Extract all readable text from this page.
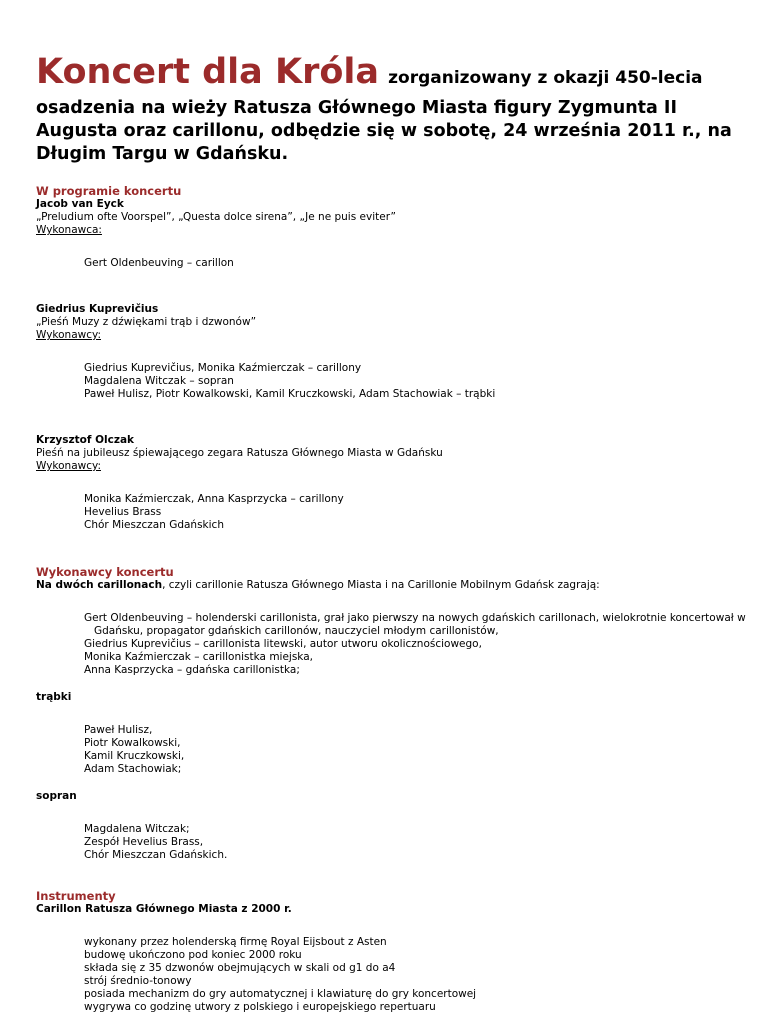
Koncert dla Króla zorganizowany z okazji 450-lecia
osadzenia na wieży Ratusza Głównego Miasta figury Zygmunta II
Augusta oraz carillonu, odbędzie się w sobotę, 24 września 2011 r., na
Długim Targu w Gdańsku.
W programie koncertu
Jacob van Eyck
„Preludium ofte Voorspel”, „Questa dolce sirena”, „Je ne puis eviter”
Wykonawca:
Gert Oldenbeuving – carillon
Giedrius Kuprevičius
„Pieśń Muzy z dźwiękami trąb i dzwonów”
Wykonawcy:
Giedrius Kuprevičius, Monika Kaźmierczak – carillony
Magdalena Witczak – sopran
Paweł Hulisz, Piotr Kowalkowski, Kamil Kruczkowski, Adam Stachowiak – trąbki
Krzysztof Olczak
Pieśń na jubileusz śpiewającego zegara Ratusza Głównego Miasta w Gdańsku
Wykonawcy:
Monika Kaźmierczak, Anna Kasprzycka – carillony
Hevelius Brass
Chór Mieszczan Gdańskich
Wykonawcy koncertu
Na dwóch carillonach, czyli carillonie Ratusza Głównego Miasta i na Carillonie Mobilnym Gdańsk zagrają:
Gert Oldenbeuving – holenderski carillonista, grał jako pierwszy na nowych gdańskich carillonach, wielokrotnie koncertował w
Gdańsku, propagator gdańskich carillonów, nauczyciel młodym carillonistów,
Giedrius Kuprevičius – carillonista litewski, autor utworu okolicznościowego,
Monika Kaźmierczak – carillonistka miejska,
Anna Kasprzycka – gdańska carillonistka;
trąbki
Paweł Hulisz,
Piotr Kowalkowski,
Kamil Kruczkowski,
Adam Stachowiak;
sopran
Magdalena Witczak;
Zespół Hevelius Brass,
Chór Mieszczan Gdańskich.
Instrumenty
Carillon Ratusza Głównego Miasta z 2000 r.
wykonany przez holenderską firmę Royal Eijsbout z Asten
budowę ukończono pod koniec 2000 roku
składa się z 35 dzwonów obejmujących w skali od g1 do a4
strój średnio-tonowy
posiada mechanizm do gry automatycznej i klawiaturę do gry koncertowej
wygrywa co godzinę utwory z polskiego i europejskiego repertuaru
